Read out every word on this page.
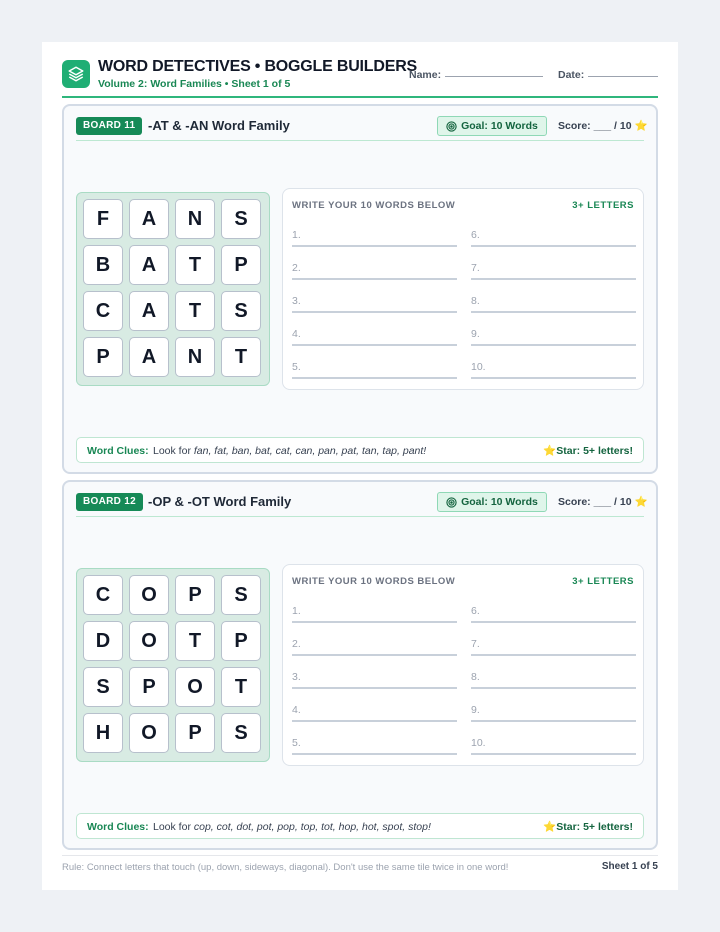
WORD DETECTIVES • BOGGLE BUILDERS
Volume 2: Word Families • Sheet 1 of 5
Name:	Date:
BOARD 11 -AT & -AN Word Family	Goal: 10 Words Score: ___ / 10 ⭐
F	A	N	S
B	A	T	P
C	A	T	S
P	A	N	T
WRITE YOUR 10 WORDS BELOW	3+ LETTERS
1.
2.
3.
4.
5.
6.
7.
8.
9.
10.
Word Clues: Look for fan, fat, ban, bat, cat, can, pan, pat, tan, tap, pant!	⭐Star: 5+ letters!
BOARD 12 -OP & -OT Word Family	Goal: 10 Words Score: ___ / 10 ⭐
C	O	P	S
D	O	T	P
S	P	O	T
H	O	P	S
WRITE YOUR 10 WORDS BELOW	3+ LETTERS
1.
2.
3.
4.
5.
6.
7.
8.
9.
10.
Word Clues: Look for cop, cot, dot, pot, pop, top, tot, hop, hot, spot, stop!	⭐Star: 5+ letters!
Rule: Connect letters that touch (up, down, sideways, diagonal). Don't use the same tile twice in one word!	Sheet 1 of 5
